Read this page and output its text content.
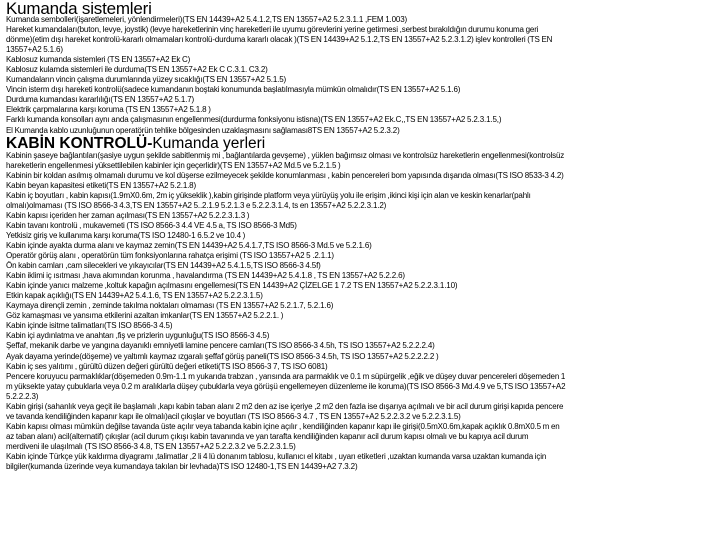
Kumanda sistemleri
Kumanda sembolleri(işaretlemeleri, yönlendirmeleri)(TS EN 14439+A2 5.4.1.2,TS EN 13557+A2 5.2.3.1.1 ,FEM 1.003)
Hareket kumandaları(buton, levye, joystik) (levye hareketlerinin vinç hareketleri ile uyumu görevlerini yerine getirmesi ,serbest bırakıldığın durumu konuma geri
dönme)(etim dışı hareket kontrolü-kararlı olmamaları kontrolü-durduma kararlı olacak )(TS EN 14439+A2 5.1.2,TS EN 13557+A2 5.2.3.1.2) işlev kontrolleri (TS EN
13557+A2 5.1.6)
Kablosuz kumanda sistemleri (TS EN 13557+A2 Ek C)
Kablosuz kulamda sistemleri ile durduma(TS EN 13557+A2 Ek C C.3.1. C3.2)
Kumandaların vincin çalışma durumlarında yüzey sıcaklığı(TS EN 13557+A2 5.1.5)
Vincin isterm dışı hareketi kontrolü(sadece kumandanın boştaki konumunda başlatılmasıyla mümkün olmalıdır(TS EN 13557+A2 5.1.6)
Durduma kumandası kararlılığı(TS EN 13557+A2 5.1.7)
Elektrik çarpmalarına karşı koruma (TS EN 13557+A2 5.1.8 )
Farklı kumanda konsolları aynı anda çalışmasının engellenmesi(durdurma fonksiyonu istisna)(TS EN 13557+A2 Ek.C,,TS EN 13557+A2 5.2.3.1.5,)
El Kumanda kablo uzunluğunun operatörün tehlike bölgesinden uzaklaşmasını sağlaması8TS EN 13557+A2 5.2.3.2)
KABİN KONTROLÜ-Kumanda yerleri
Kabinin şaseye bağlantıları(şasiye uygun şekilde sabitlenmiş mi , bağlantılarda gevşeme) , yüklen bağımsız olması ve kontrolsüz hareketlerin engellenmesi(kontrolsüz
hareketlerin engellenmesi yüksettilebilen kabinler için geçerlidir)(TS EN 13557+A2 Md.5 ve 5.2.1.5 )
Kabinin bir koldan asılmış olmamalı durumu ve kol düşerse ezilmeyecek şekilde konumlanması , kabin pencereleri bom yapısında dışarıda olması(TS ISO 8533-3 4.2)
Kabin beyan kapasitesi etiketi(TS EN 13557+A2 5.2.1.8)
Kabin iç boyutları , kabin kapısı(1.9mX0.6m, 2m iç yükseklik ),kabin girişinde platform veya yürüyüş yolu ile erişim ,ikinci kişi için alan ve keskin kenarlar(pahlı
olmalı)olmaması (TS ISO 8566-3 4.3,TS EN 13557+A2 5..2.1.9 5.2.1.3 e 5.2.2.3.1.4, ts en 13557+A2 5.2.2.3.1.2)
Kabin kapısı içeriden her zaman açılması(TS EN 13557+A2 5.2.2.3.1.3 )
Kabin tavanı kontrolü , mukavemeti (TS ISO 8566-3 4.4 VE 4.5 a, TS ISO 8566-3 Md5)
Yetkisiz giriş ve kullanıma karşı koruma(TS ISO 12480-1 6.5.2 ve 10.4 )
Kabin içinde ayakta durma alanı ve kaymaz zemin(TS EN 14439+A2 5.4.1.7,TS ISO 8566-3 Md.5 ve 5.2.1.6)
Operatör görüş alanı , operatörün tüm fonksiyonlarına rahatça erişimi (TS ISO 13557+A2 5 .2.1.1)
Ön kabin camları ,cam silecekleri ve yıkayıcılar(TS EN 14439+A2 5.4.1.5,TS ISO 8566-3 4.5f)
Kabin iklimi iç ısıtması ,hava akımından korunma , havalandırma (TS EN 14439+A2 5.4.1.8 , TS EN 13557+A2 5.2.2.6)
Kabin içinde yanıcı malzeme ,koltuk kapağın açılmasını engellemesi(TS EN 14439+A2 ÇİZELGE 1 7.2 TS EN 13557+A2 5.2.2.3.1.10)
Etkin kapak açıklığı(TS EN 14439+A2 5.4.1.6, TS EN 13557+A2 5.2.2.3.1.5)
Kaymaya dirençli zemin , zeminde takılma noktaları olmaması (TS EN 13557+A2 5.2.1.7, 5.2.1.6)
Göz kamaşması ve yansıma etkilerini azaltan imkanlar(TS EN 13557+A2 5.2.2.1. )
Kabin içinde isitme talimatları(TS ISO 8566-3 4.5)
Kabin içi aydınlatma ve anahtarı ,fiş ve prizlerin uygunluğu(TS ISO 8566-3 4.5)
Şeffaf, mekanik darbe ve yangına dayanıklı emniyetli lamine pencere camları(TS ISO 8566-3 4.5h, TS ISO 13557+A2 5.2.2.2.4)
Ayak dayama yerinde(döşeme) ve yaltımlı kaymaz ızgaralı şeffaf görüş paneli(TS ISO 8566-3 4.5h, TS ISO 13557+A2 5.2.2.2.2 )
Kabin iç ses yalıtımı , gürültü düzen değeri gürültü değeri etiketi(TS ISO 8566-3 7, TS ISO 6081)
Pencere koruyucu parmaklıklar(döşemeden 0.9m-1.1 m yukarıda trabzan , yarısında ara parmaklık ve 0.1 m süpürgelik ,eğik ve düşey duvar pencereleri döşemeden 1
m yüksekte yatay çubuklarla veya 0.2 m aralıklarla düşey çubuklarla veya görüşü engellemeyen düzenleme ile koruma)(TS ISO 8566-3 Md.4.9 ve 5,TS ISO 13557+A2
5.2.2.2.3)
Kabin girişi (sahanlık veya geçit ile başlamalı ,kapı kabin taban alanı 2 m2 den az ise içeriye ,2 m2 den fazla ise dışarıya açılmalı ve bir acil durum girişi kapıda pencere
ve tavanda kendiliğinden kapanır kapı ile olmalı)acil çıkışlar ve boyutları (TS ISO 8566-3 4.7 , TS EN 13557+A2 5.2.2.3.2 ve 5.2.2.3.1.5)
Kabin kapısı olması mümkün değilse tavanda üste açılır veya tabanda kabin içine açılır , kendiliğinden kapanır kapı ile girişi(0.5mX0.6m,kapak açıklık 0.8mX0.5 m en
az taban alanı) acil(alternatif) çıkışlar (acil durum çıkışı kabin tavanında ve yan tarafta kendiliğinden kapanır acil durum kapısı olmalı ve bu kapıya acil durum
merdiveni ile ulaşılmalı (TS ISO 8566-3 4.8, TS EN 13557+A2 5.2.2.3.2 ve 5.2.2.3.1.5)
Kabin içinde Türkçe yük kaldırma diyagramı ,talimatlar ,2 li 4 lü donanım tablosu, kullanıcı el kitabı , uyarı etiketleri ,uzaktan kumanda varsa uzaktan kumanda için
bilgiler(kumanda üzerinde veya kumandaya takılan bir levhada)TS ISO 12480-1,TS EN 14439+A2 7.3.2)
